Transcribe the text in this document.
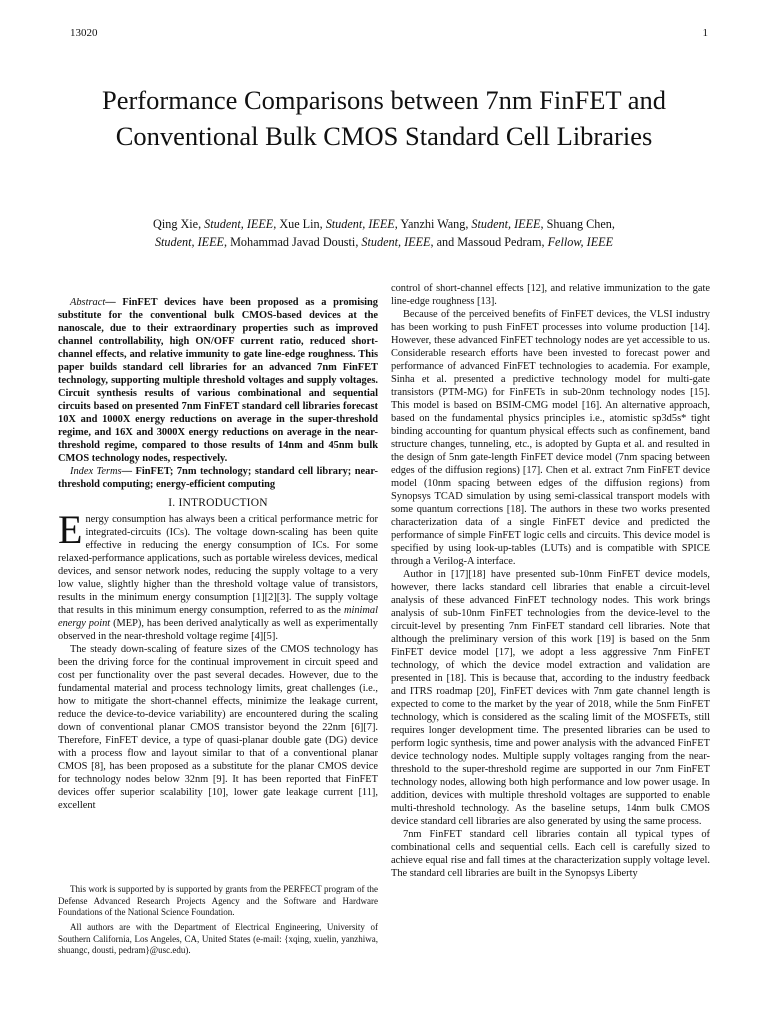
13020	1
Performance Comparisons between 7nm FinFET and Conventional Bulk CMOS Standard Cell Libraries
Qing Xie, Student, IEEE, Xue Lin, Student, IEEE, Yanzhi Wang, Student, IEEE, Shuang Chen,
Student, IEEE, Mohammad Javad Dousti, Student, IEEE, and Massoud Pedram, Fellow, IEEE

Abstract— FinFET devices have been proposed as a promising substitute for the conventional bulk CMOS-based devices at the nanoscale, due to their extraordinary properties such as improved channel controllability, high ON/OFF current ratio, reduced short-channel effects, and relative immunity to gate line-edge roughness. This paper builds standard cell libraries for an advanced 7nm FinFET technology, supporting multiple threshold voltages and supply voltages. Circuit synthesis results of various combinational and sequential circuits based on presented 7nm FinFET standard cell libraries forecast 10X and 1000X energy reductions on average in the super-threshold regime, and 16X and 3000X energy reductions on average in the near-threshold regime, compared to those results of 14nm and 45nm bulk CMOS technology nodes, respectively.

Index Terms— FinFET; 7nm technology; standard cell library; near-threshold computing; energy-efficient computing

I. INTRODUCTION

Energy consumption has always been a critical performance metric for integrated-circuits (ICs). The voltage down-scaling has been quite effective in reducing the energy consumption of ICs. For some relaxed-performance applications, such as portable wireless devices, medical devices, and sensor network nodes, reducing the supply voltage to a very low value, slightly higher than the threshold voltage value of transistors, results in the minimum energy consumption [1][2][3]. The supply voltage that results in this minimum energy consumption, referred to as the minimal energy point (MEP), has been derived analytically as well as experimentally observed in the near-threshold voltage regime [4][5].

The steady down-scaling of feature sizes of the CMOS technology has been the driving force for the continual improvement in circuit speed and cost per functionality over the past several decades. However, due to the fundamental material and process technology limits, great challenges (i.e., how to mitigate the short-channel effects, minimize the leakage current, reduce the device-to-device variability) are encountered during the scaling down of conventional planar CMOS transistor beyond the 22nm [6][7]. Therefore, FinFET device, a type of quasi-planar double gate (DG) device with a process flow and layout similar to that of a conventional planar CMOS [8], has been proposed as a substitute for the planar CMOS device for technology nodes below 32nm [9]. It has been reported that FinFET devices offer superior scalability [10], lower gate leakage current [11], excellent

This work is supported by is supported by grants from the PERFECT program of the Defense Advanced Research Projects Agency and the Software and Hardware Foundations of the National Science Foundation.

All authors are with the Department of Electrical Engineering, University of Southern California, Los Angeles, CA, United States (e-mail: {xqing, xuelin, yanzhiwa, shuangc, dousti, pedram}@usc.edu).

control of short-channel effects [12], and relative immunization to the gate line-edge roughness [13].

Because of the perceived benefits of FinFET devices, the VLSI industry has been working to push FinFET processes into volume production [14]. However, these advanced FinFET technology nodes are yet accessible to us. Considerable research efforts have been invested to forecast power and performance of advanced FinFET technologies to academia. For example, Sinha et al. presented a predictive technology model for multi-gate transistors (PTM-MG) for FinFETs in sub-20nm technology nodes [15]. This model is based on BSIM-CMG model [16]. An alternative approach, based on the fundamental physics principles i.e., atomistic sp3d5s* tight binding accounting for quantum physical effects such as confinement, band structure changes, tunneling, etc., is adopted by Gupta et al. and resulted in the design of 5nm gate-length FinFET device model (7nm spacing between edges of the diffusion regions) [17]. Chen et al. extract 7nm FinFET device model (10nm spacing between edges of the diffusion regions) from Synopsys TCAD simulation by using semi-classical transport models with some quantum corrections [18]. The authors in these two works presented characterization data of a single FinFET device and predicted the performance of simple FinFET logic cells and circuits. This device model is specified by using look-up-tables (LUTs) and is compatible with SPICE through a Verilog-A interface.

Author in [17][18] have presented sub-10nm FinFET device models, however, there lacks standard cell libraries that enable a circuit-level analysis of these advanced FinFET technology nodes. This work brings analysis of sub-10nm FinFET technologies from the device-level to the circuit-level by presenting 7nm FinFET standard cell libraries. Note that although the preliminary version of this work [19] is based on the 5nm FinFET device model [17], we adopt a less aggressive 7nm FinFET technology, of which the device model extraction and validation are presented in [18]. This is because that, according to the industry feedback and ITRS roadmap [20], FinFET devices with 7nm gate channel length is expected to come to the market by the year of 2018, while the 5nm FinFET technology, which is considered as the scaling limit of the MOSFETs, still requires longer development time. The presented libraries can be used to perform logic synthesis, time and power analysis with the advanced FinFET device technology nodes. Multiple supply voltages ranging from the near-threshold to the super-threshold regime are supported in our 7nm FinFET technology nodes, allowing both high performance and low power usage. In addition, devices with multiple threshold voltages are supported to enable multi-threshold technology. As the baseline setups, 14nm bulk CMOS device standard cell libraries are also generated by using the same process.

7nm FinFET standard cell libraries contain all typical types of combinational cells and sequential cells. Each cell is carefully sized to achieve equal rise and fall times at the characterization supply voltage level. The standard cell libraries are built in the Synopsys Liberty
